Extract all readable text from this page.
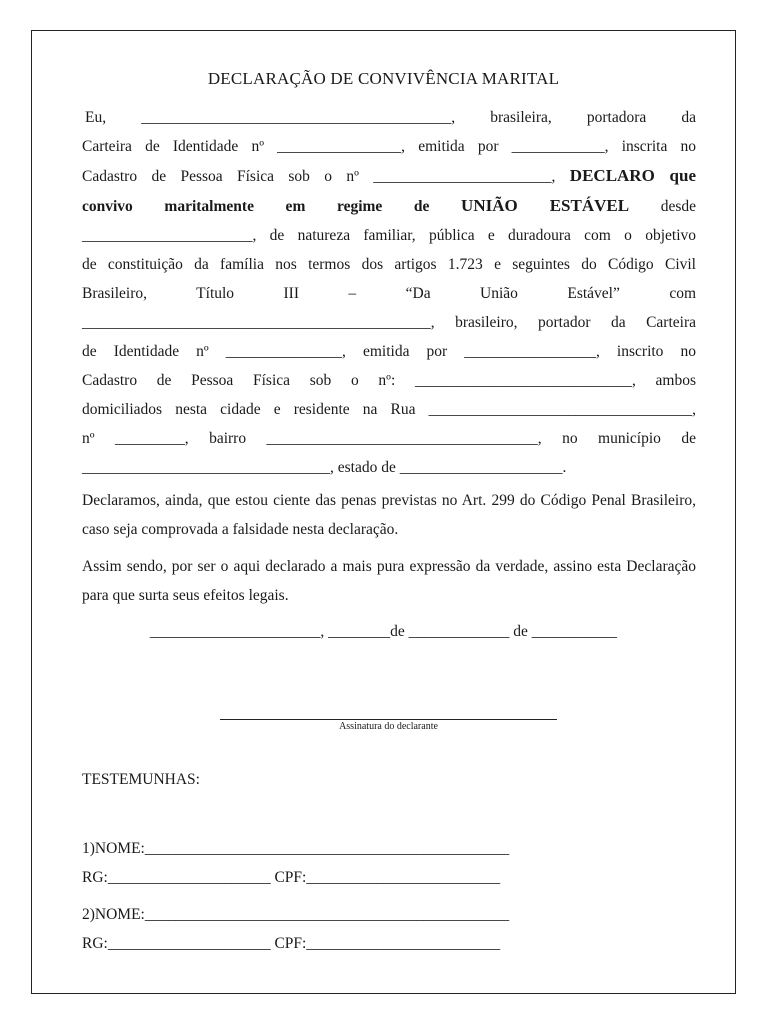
DECLARAÇÃO DE CONVIVÊNCIA MARITAL
Eu, ________________________________________, brasileira, portadora da
Carteira de Identidade nº ________________, emitida por ____________, inscrita no
Cadastro de Pessoa Física sob o nº _______________________, DECLARO que
convivo maritalmente em regime de UNIÃO ESTÁVEL desde
______________________, de natureza familiar, pública e duradoura com o objetivo
de constituição da família nos termos dos artigos 1.723 e seguintes do Código Civil
Brasileiro, Título III – “Da União Estável” com
_____________________________________________, brasileiro, portador da Carteira
de Identidade nº _______________, emitida por _________________, inscrito no
Cadastro de Pessoa Física sob o nº: ____________________________, ambos
domiciliados nesta cidade e residente na Rua __________________________________,
nº _________, bairro ___________________________________, no município de
________________________________, estado de _____________________.
Declaramos, ainda, que estou ciente das penas previstas no Art. 299 do Código Penal Brasileiro, caso seja comprovada a falsidade nesta declaração.
Assim sendo, por ser o aqui declarado a mais pura expressão da verdade, assino esta Declaração para que surta seus efeitos legais.
______________________, ________de _____________ de ___________
Assinatura do declarante
TESTEMUNHAS:
1)NOME:_______________________________________________
RG:_____________________ CPF:_________________________
2)NOME:_______________________________________________
RG:_____________________ CPF:_________________________
